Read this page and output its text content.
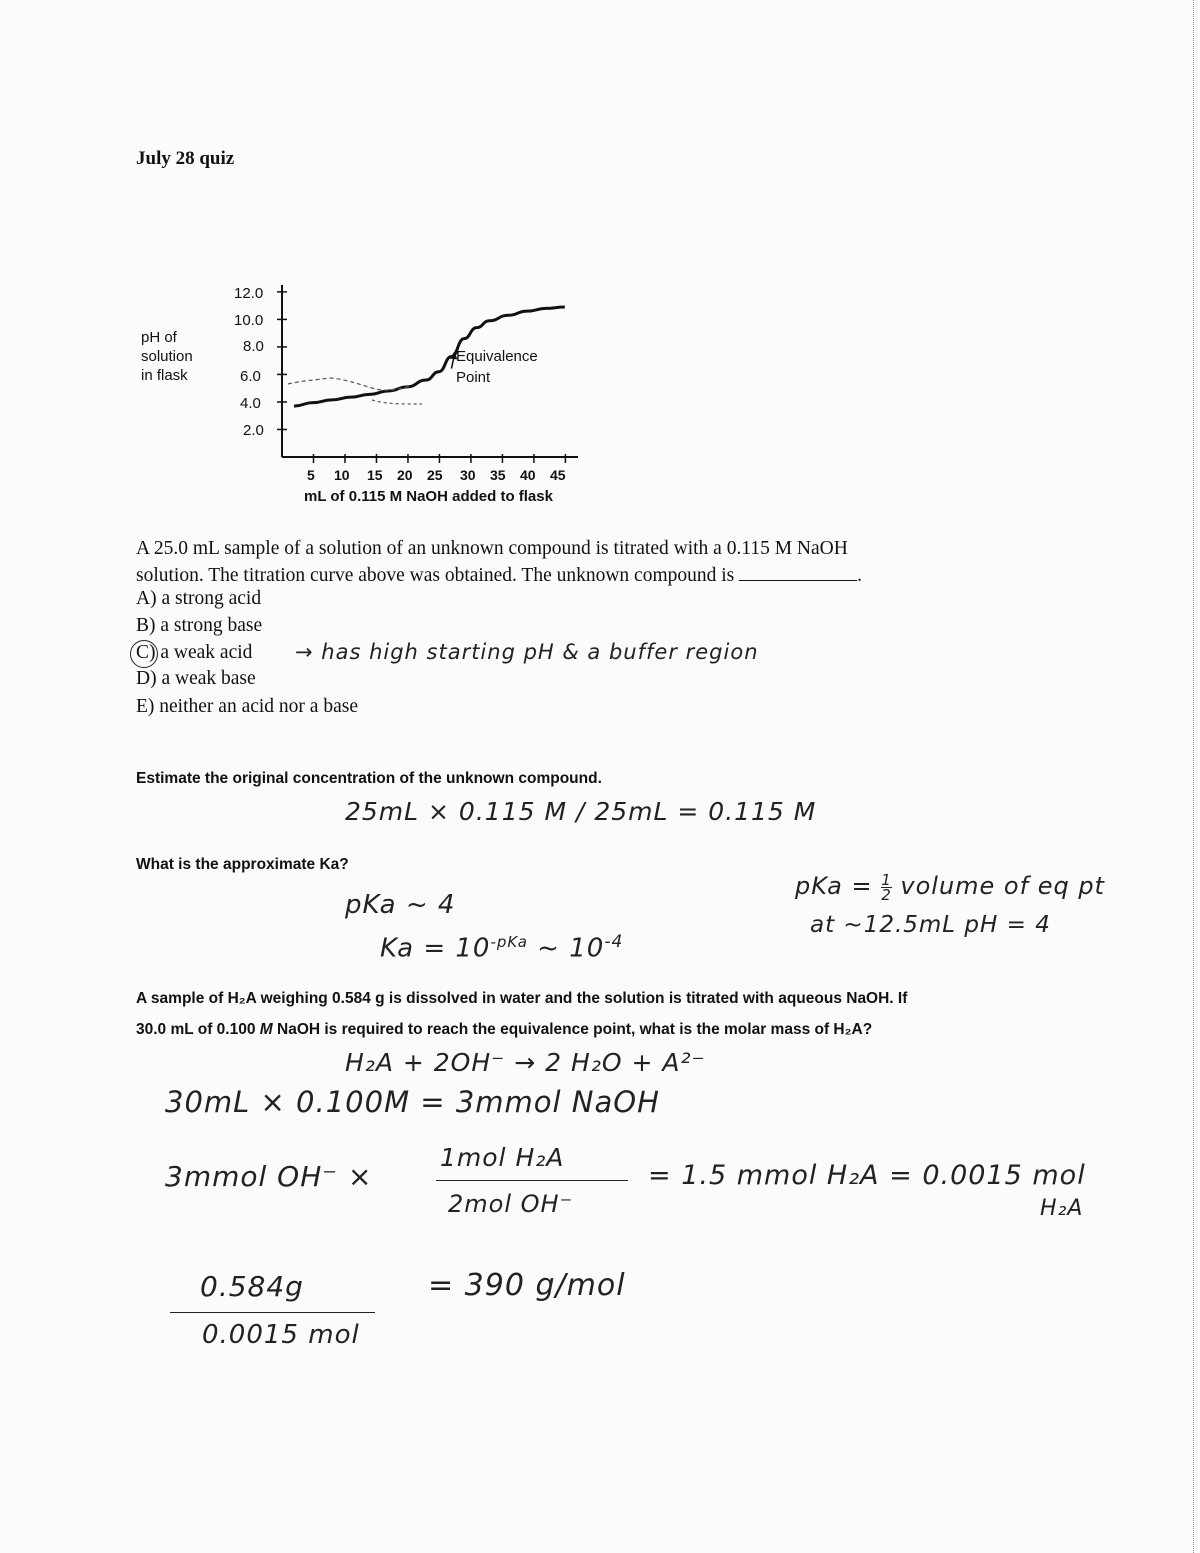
July 28 quiz
pH of
solution
in flask
12.0
10.0
8.0
6.0
4.0
2.0
5 10 15 20 25 30 35 40 45
mL of 0.115 M NaOH added to flask
Equivalence
Point
A 25.0 mL sample of a solution of an unknown compound is titrated with a 0.115 M NaOH
solution. The titration curve above was obtained. The unknown compound is	.
A) a strong acid
B) a strong base
C) a weak acid
D) a weak base
E) neither an acid nor a base
→ has high starting pH & a buffer region
Estimate the original concentration of the unknown compound.
25mL × 0.115 M / 25mL = 0.115 M
What is the approximate Ka?
pKa ~ 4
$Ka = 10^{-pKa}$ ~ $10^{-4}$
pKa = $\frac{1}{2}$ volume of eq pt
at ~12.5mL pH = 4
A sample of H₂A weighing 0.584 g is dissolved in water and the solution is titrated with aqueous NaOH. If
30.0 mL of 0.100 M NaOH is required to reach the equivalence point, what is the molar mass of H₂A?
H₂A + 2OH⁻ → 2 H₂O + A²⁻
30mL × 0.100M = 3mmol NaOH
3mmol OH⁻ ×
1mol H₂A
2mol OH⁻
= 1.5 mmol H₂A = 0.0015 mol
H₂A
0.584g
0.0015 mol
= 390 g/mol
